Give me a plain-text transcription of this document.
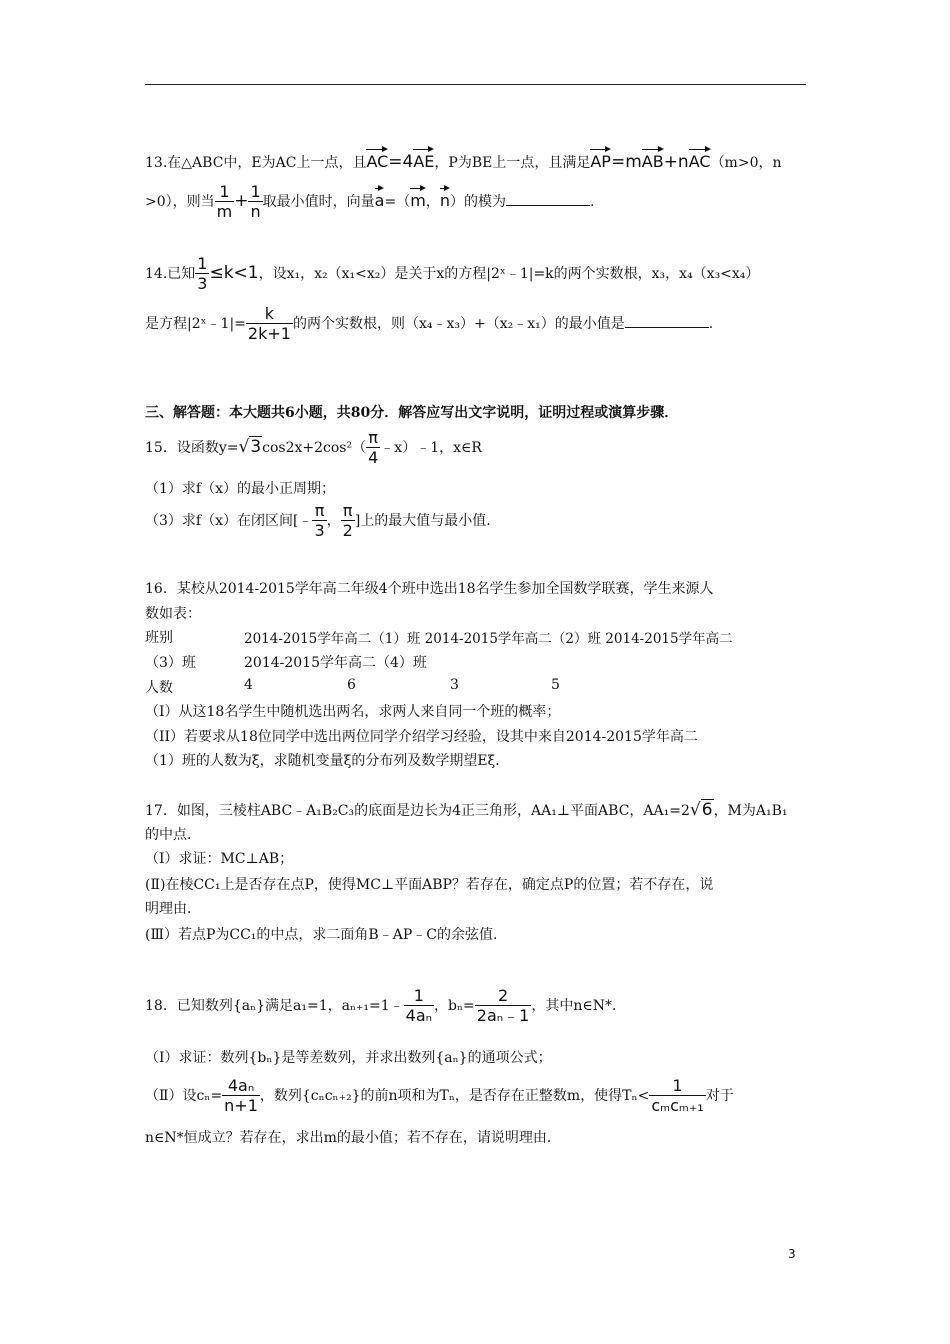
13.在△ABC中，E为AC上一点，且AC=4AE，P为BE上一点，且满足AP=mAB+nAC（m>0，n
>0），则当 $\frac{1}{m} + \frac{1}{n}$ 取最小值时，向量a=（m，n）的模为	.
14.已知 $\frac{1}{3} \le k<1$，设x₁，x₂（x₁<x₂）是关于x的方程|2ˣ﹣1|=k的两个实数根，x₃，x₄（x₃<x₄）
是方程|2ˣ﹣1|= $\frac{k}{2k+1}$ 的两个实数根，则（x₄﹣x₃）+（x₂﹣x₁）的最小值是	.
三、解答题：本大题共6小题，共80分．解答应写出文字说明，证明过程或演算步骤．
15．设函数$y=√3\cos 2x+2\cos^2( \frac{\pi}{4}$ ﹣x）﹣1，x∈R
（1）求f（x）的最小正周期；
（3）求f（x）在闭区间[﹣ $\frac{\pi}{3}$ ， $\frac{\pi}{2}$ ]上的最大值与最小值.
16．某校从2014-2015学年高二年级4个班中选出18名学生参加全国数学联赛，学生来源人
数如表：
班别	2014-2015学年高二（1）班 2014-2015学年高二（2）班 2014-2015学年高二
（3）班	2014-2015学年高二（4）班
人数	4	6	3	5
（I）从这18名学生中随机选出两名，求两人来自同一个班的概率；
（II）若要求从18位同学中选出两位同学介绍学习经验，设其中来自2014-2015学年高二
（1）班的人数为ξ，求随机变量ξ的分布列及数学期望Eξ．
17．如图，三棱柱ABC﹣A₁B₂C₃的底面是边长为4正三角形，AA₁⊥平面ABC，AA₁=2√6，M为A₁B₁
的中点．
（Ⅰ）求证：MC⊥AB；
(Ⅱ)在棱CC₁上是否存在点P，使得MC⊥平面ABP？若存在，确定点P的位置；若不存在，说
明理由．
(Ⅲ）若点P为CC₁的中点，求二面角B﹣AP﹣C的余弦值．
18．已知数列{aₙ}满足a₁=1，aₙ₊₁=1﹣ $\frac{1}{\text{4aₙ}}$ ，$b_n= \frac{2}{\text{2aₙ﹣1}}$ ，其中n∈N*．
（Ⅰ）求证：数列{bₙ}是等差数列，并求出数列{aₙ}的通项公式；
（Ⅱ）设$c_n= \frac{\text{4aₙ}}{n+1}$ ，数列{cₙcₙ₊₂}的前n项和为Tₙ，是否存在正整数m，使得$T_n< \frac{1}{\text{cₘcₘ₊₁}}$ 对于
n∈N*恒成立？若存在，求出m的最小值；若不存在，请说明理由．
3
